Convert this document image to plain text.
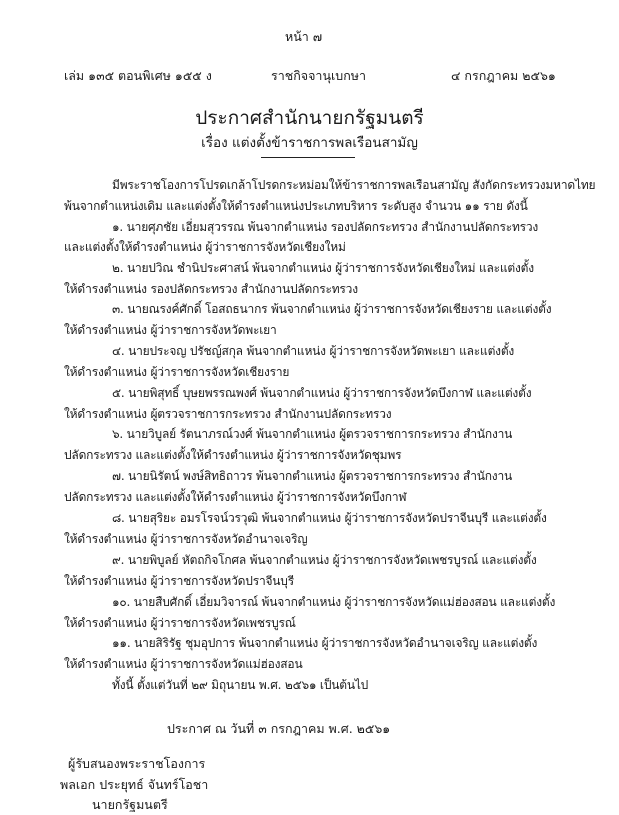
หน้า ๗
เล่ม ๑๓๕ ตอนพิเศษ ๑๕๕ ง	ราชกิจจานุเบกษา	๔ กรกฎาคม ๒๕๖๑
ประกาศสำนักนายกรัฐมนตรี
เรื่อง แต่งตั้งข้าราชการพลเรือนสามัญ
มีพระราชโองการโปรดเกล้าโปรดกระหม่อมให้ข้าราชการพลเรือนสามัญ สังกัดกระทรวงมหาดไทย
พ้นจากตำแหน่งเดิม และแต่งตั้งให้ดำรงตำแหน่งประเภทบริหาร ระดับสูง จำนวน ๑๑ ราย ดังนี้
๑. นายศุภชัย เอี่ยมสุวรรณ พ้นจากตำแหน่ง รองปลัดกระทรวง สำนักงานปลัดกระทรวง
และแต่งตั้งให้ดำรงตำแหน่ง ผู้ว่าราชการจังหวัดเชียงใหม่
๒. นายปวิณ ชำนิประศาสน์ พ้นจากตำแหน่ง ผู้ว่าราชการจังหวัดเชียงใหม่ และแต่งตั้ง
ให้ดำรงตำแหน่ง รองปลัดกระทรวง สำนักงานปลัดกระทรวง
๓. นายณรงค์ศักดิ์ โอสถธนากร พ้นจากตำแหน่ง ผู้ว่าราชการจังหวัดเชียงราย และแต่งตั้ง
ให้ดำรงตำแหน่ง ผู้ว่าราชการจังหวัดพะเยา
๔. นายประจญ ปรัชญ์สกุล พ้นจากตำแหน่ง ผู้ว่าราชการจังหวัดพะเยา และแต่งตั้ง
ให้ดำรงตำแหน่ง ผู้ว่าราชการจังหวัดเชียงราย
๕. นายพิสุทธิ์ บุษยพรรณพงศ์ พ้นจากตำแหน่ง ผู้ว่าราชการจังหวัดบึงกาฬ และแต่งตั้ง
ให้ดำรงตำแหน่ง ผู้ตรวจราชการกระทรวง สำนักงานปลัดกระทรวง
๖. นายวิบูลย์ รัตนาภรณ์วงศ์ พ้นจากตำแหน่ง ผู้ตรวจราชการกระทรวง สำนักงาน
ปลัดกระทรวง และแต่งตั้งให้ดำรงตำแหน่ง ผู้ว่าราชการจังหวัดชุมพร
๗. นายนิรัตน์ พงษ์สิทธิถาวร พ้นจากตำแหน่ง ผู้ตรวจราชการกระทรวง สำนักงาน
ปลัดกระทรวง และแต่งตั้งให้ดำรงตำแหน่ง ผู้ว่าราชการจังหวัดบึงกาฬ
๘. นายสุริยะ อมรโรจน์วรวุฒิ พ้นจากตำแหน่ง ผู้ว่าราชการจังหวัดปราจีนบุรี และแต่งตั้ง
ให้ดำรงตำแหน่ง ผู้ว่าราชการจังหวัดอำนาจเจริญ
๙. นายพิบูลย์ หัตถกิจโกศล พ้นจากตำแหน่ง ผู้ว่าราชการจังหวัดเพชรบูรณ์ และแต่งตั้ง
ให้ดำรงตำแหน่ง ผู้ว่าราชการจังหวัดปราจีนบุรี
๑๐. นายสืบศักดิ์ เอี่ยมวิจารณ์ พ้นจากตำแหน่ง ผู้ว่าราชการจังหวัดแม่ฮ่องสอน และแต่งตั้ง
ให้ดำรงตำแหน่ง ผู้ว่าราชการจังหวัดเพชรบูรณ์
๑๑. นายสิริรัฐ ชุมอุปการ พ้นจากตำแหน่ง ผู้ว่าราชการจังหวัดอำนาจเจริญ และแต่งตั้ง
ให้ดำรงตำแหน่ง ผู้ว่าราชการจังหวัดแม่ฮ่องสอน
ทั้งนี้ ตั้งแต่วันที่ ๒๙ มิถุนายน พ.ศ. ๒๕๖๑ เป็นต้นไป
ประกาศ ณ วันที่ ๓ กรกฎาคม พ.ศ. ๒๕๖๑
ผู้รับสนองพระราชโองการ
พลเอก ประยุทธ์ จันทร์โอชา
นายกรัฐมนตรี
